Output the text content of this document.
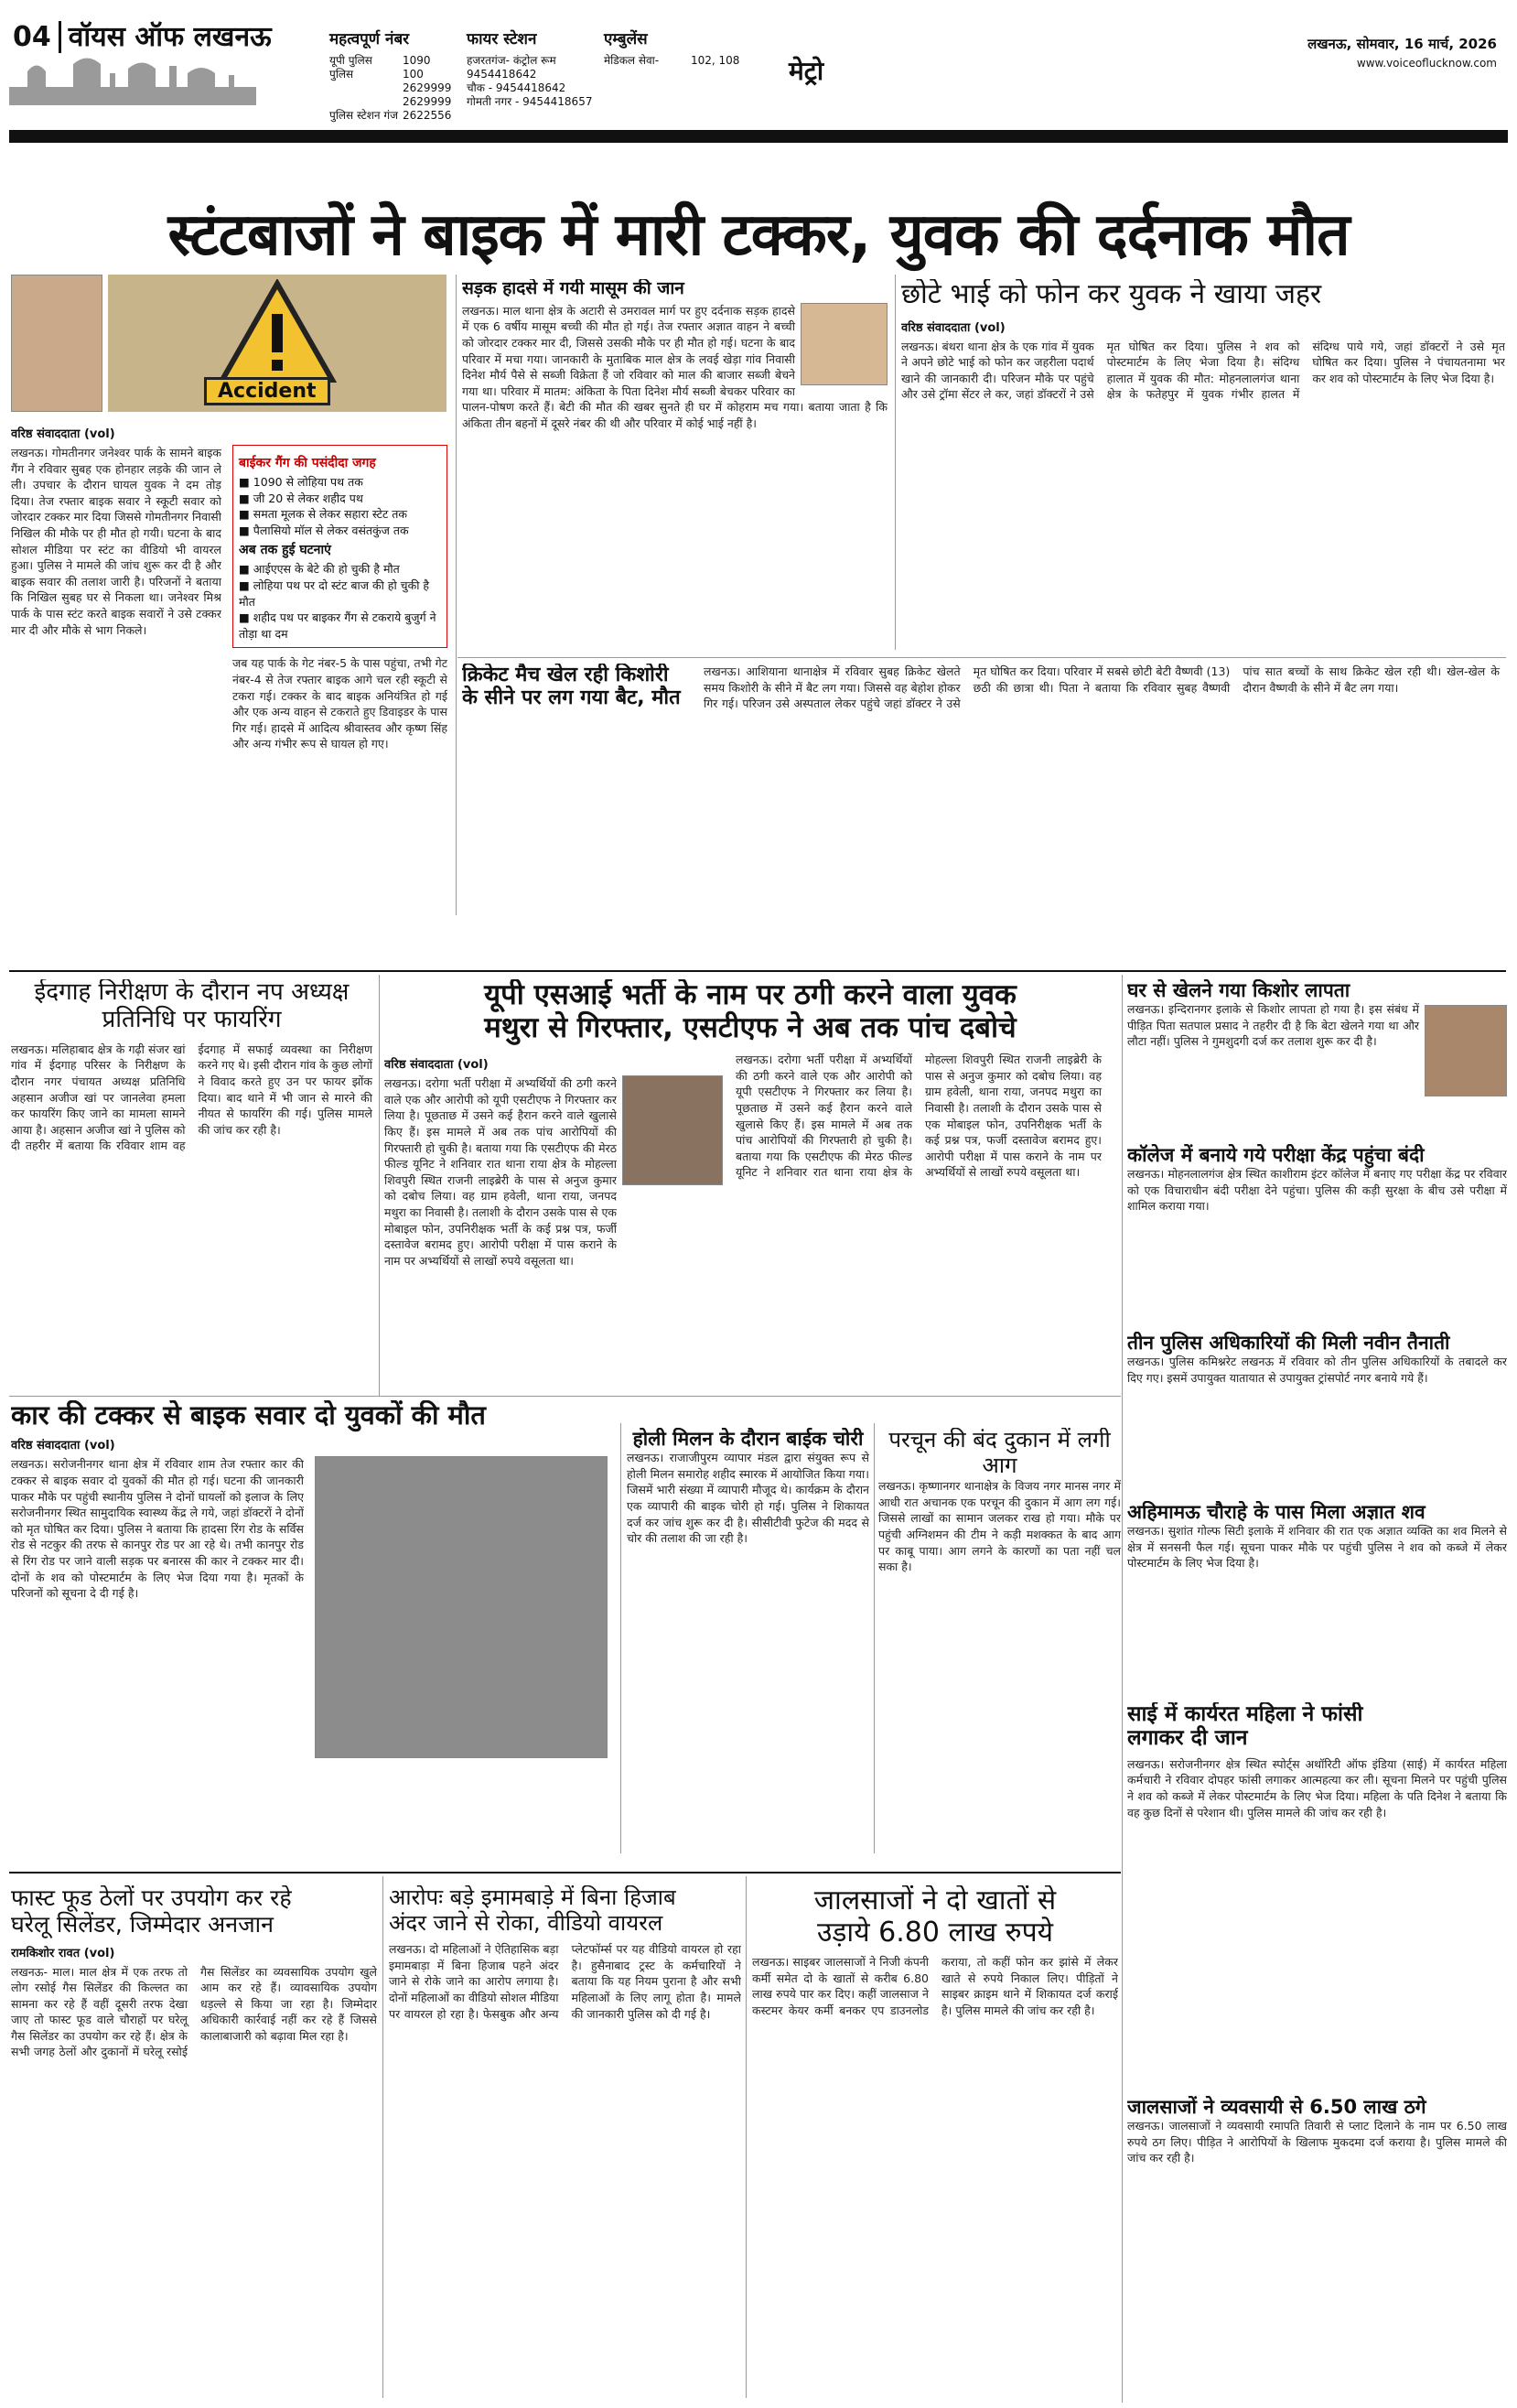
04 वॉयस ऑफ लखनऊ	महत्वपूर्ण नंबर
यूपी पुलिस	1090
पुलिस	100
2629999
2629999
पुलिस स्टेशन गंज 2622556
फायर स्टेशन
हजरतगंज- कंट्रोल रूम
9454418642
चौक - 9454418642
गोमती नगर - 9454418657
एम्बुलेंस
मेडिकल सेवा-	102, 108 मेट्रो
लखनऊ, सोमवार, 16 मार्च, 2026
www.voiceoflucknow.com
स्टंटबाजों ने बाइक में मारी टक्कर, युवक की दर्दनाक मौत
Accident
वरिष्ठ संवाददाता (vol)
लखनऊ। गोमतीनगर जनेश्वर पार्क के सामने बाइक गैंग ने रविवार सुबह एक होनहार लड़के की जान ले ली। उपचार के दौरान घायल युवक ने दम तोड़ दिया। तेज रफ्तार बाइक सवार ने स्कूटी सवार को जोरदार टक्कर मार दिया जिससे गोमतीनगर निवासी निखिल की मौके पर ही मौत हो गयी। घटना के बाद सोशल मीडिया पर स्टंट का वीडियो भी वायरल हुआ। पुलिस ने मामले की जांच शुरू कर दी है और बाइक सवार की तलाश जारी है। परिजनों ने बताया कि निखिल सुबह घर से निकला था। जनेश्वर मिश्र पार्क के पास स्टंट करते बाइक सवारों ने उसे टक्कर मार दी और मौके से भाग निकले।
बाईकर गैंग की पसंदीदा जगह
■ 1090 से लोहिया पथ तक
■ जी 20 से लेकर शहीद पथ
■ समता मूलक से लेकर सहारा स्टेट तक
■ पैलासियो मॉल से लेकर वसंतकुंज तक
अब तक हुई घटनाएं
■ आईएएस के बेटे की हो चुकी है मौत
■ लोहिया पथ पर दो स्टंट बाज की हो चुकी है मौत
■ शहीद पथ पर बाइकर गैंग से टकराये बुजुर्ग ने तोड़ा था दम
जब यह पार्क के गेट नंबर-5 के पास पहुंचा, तभी गेट नंबर-4 से तेज रफ्तार बाइक आगे चल रही स्कूटी से टकरा गई। टक्कर के बाद बाइक अनियंत्रित हो गई और एक अन्य वाहन से टकराते हुए डिवाइडर के पास गिर गई। हादसे में आदित्य श्रीवास्तव और कृष्ण सिंह और अन्य गंभीर रूप से घायल हो गए।
सड़क हादसे में गयी मासूम की जान
लखनऊ। माल थाना क्षेत्र के अटारी से उमरावल मार्ग पर हुए दर्दनाक सड़क हादसे में एक 6 वर्षीय मासूम बच्ची की मौत हो गई। तेज रफ्तार अज्ञात वाहन ने बच्ची को जोरदार टक्कर मार दी, जिससे उसकी मौके पर ही मौत हो गई। घटना के बाद परिवार में मचा गया। जानकारी के मुताबिक माल क्षेत्र के लवई खेड़ा गांव निवासी दिनेश मौर्य पैसे से सब्जी विक्रेता हैं जो रविवार को माल की बाजार सब्जी बेचने गया था। परिवार में मातम: अंकिता के पिता दिनेश मौर्य सब्जी बेचकर परिवार का पालन-पोषण करते हैं। बेटी की मौत की खबर सुनते ही घर में कोहराम मच गया। बताया जाता है कि अंकिता तीन बहनों में दूसरे नंबर की थी और परिवार में कोई भाई नहीं है।
छोटे भाई को फोन कर युवक ने खाया जहर
वरिष्ठ संवाददाता (vol)
लखनऊ। बंथरा थाना क्षेत्र के एक गांव में युवक ने अपने छोटे भाई को फोन कर जहरीला पदार्थ खाने की जानकारी दी। परिजन मौके पर पहुंचे और उसे ट्रॉमा सेंटर ले कर, जहां डॉक्टरों ने उसे मृत घोषित कर दिया। पुलिस ने शव को पोस्टमार्टम के लिए भेजा दिया है। संदिग्ध हालात में युवक की मौत: मोहनलालगंज थाना क्षेत्र के फतेहपुर में युवक गंभीर हालत में संदिग्ध पाये गये, जहां डॉक्टरों ने उसे मृत घोषित कर दिया। पुलिस ने पंचायतनामा भर कर शव को पोस्टमार्टम के लिए भेज दिया है।
क्रिकेट मैच खेल रही किशोरी के सीने पर लग गया बैट, मौत
लखनऊ। आशियाना थानाक्षेत्र में रविवार सुबह क्रिकेट खेलते समय किशोरी के सीने में बैट लग गया। जिससे वह बेहोश होकर गिर गई। परिजन उसे अस्पताल लेकर पहुंचे जहां डॉक्टर ने उसे मृत घोषित कर दिया। परिवार में सबसे छोटी बेटी वैष्णवी (13) छठी की छात्रा थी। पिता ने बताया कि रविवार सुबह वैष्णवी पांच सात बच्चों के साथ क्रिकेट खेल रही थी। खेल-खेल के दौरान वैष्णवी के सीने में बैट लग गया।
ईदगाह निरीक्षण के दौरान नप अध्यक्ष प्रतिनिधि पर फायरिंग
लखनऊ। मलिहाबाद क्षेत्र के गढ़ी संजर खां गांव में ईदगाह परिसर के निरीक्षण के दौरान नगर पंचायत अध्यक्ष प्रतिनिधि अहसान अजीज खां पर जानलेवा हमला कर फायरिंग किए जाने का मामला सामने आया है। अहसान अजीज खां ने पुलिस को दी तहरीर में बताया कि रविवार शाम वह ईदगाह में सफाई व्यवस्था का निरीक्षण करने गए थे। इसी दौरान गांव के कुछ लोगों ने विवाद करते हुए उन पर फायर झोंक दिया। बाद थाने में भी जान से मारने की नीयत से फायरिंग की गई। पुलिस मामले की जांच कर रही है।
यूपी एसआई भर्ती के नाम पर ठगी करने वाला युवक
मथुरा से गिरफ्तार, एसटीएफ ने अब तक पांच दबोचे
वरिष्ठ संवाददाता (vol)
लखनऊ। दरोगा भर्ती परीक्षा में अभ्यर्थियों की ठगी करने वाले एक और आरोपी को यूपी एसटीएफ ने गिरफ्तार कर लिया है। पूछताछ में उसने कई हैरान करने वाले खुलासे किए हैं। इस मामले में अब तक पांच आरोपियों की गिरफ्तारी हो चुकी है। बताया गया कि एसटीएफ की मेरठ फील्ड यूनिट ने शनिवार रात थाना राया क्षेत्र के मोहल्ला शिवपुरी स्थित राजनी लाइब्रेरी के पास से अनुज कुमार को दबोच लिया। वह ग्राम हवेली, थाना राया, जनपद मथुरा का निवासी है। तलाशी के दौरान उसके पास से एक मोबाइल फोन, उपनिरीक्षक भर्ती के कई प्रश्न पत्र, फर्जी दस्तावेज बरामद हुए। आरोपी परीक्षा में पास कराने के नाम पर अभ्यर्थियों से लाखों रुपये वसूलता था।
लखनऊ। दरोगा भर्ती परीक्षा में अभ्यर्थियों की ठगी करने वाले एक और आरोपी को यूपी एसटीएफ ने गिरफ्तार कर लिया है। पूछताछ में उसने कई हैरान करने वाले खुलासे किए हैं। इस मामले में अब तक पांच आरोपियों की गिरफ्तारी हो चुकी है। बताया गया कि एसटीएफ की मेरठ फील्ड यूनिट ने शनिवार रात थाना राया क्षेत्र के मोहल्ला शिवपुरी स्थित राजनी लाइब्रेरी के पास से अनुज कुमार को दबोच लिया। वह ग्राम हवेली, थाना राया, जनपद मथुरा का निवासी है। तलाशी के दौरान उसके पास से एक मोबाइल फोन, उपनिरीक्षक भर्ती के कई प्रश्न पत्र, फर्जी दस्तावेज बरामद हुए। आरोपी परीक्षा में पास कराने के नाम पर अभ्यर्थियों से लाखों रुपये वसूलता था।
घर से खेलने गया किशोर लापता
लखनऊ। इन्दिरानगर इलाके से किशोर लापता हो गया है। इस संबंध में पीड़ित पिता सतपाल प्रसाद ने तहरीर दी है कि बेटा खेलने गया था और लौटा नहीं। पुलिस ने गुमशुदगी दर्ज कर तलाश शुरू कर दी है।
कॉलेज में बनाये गये परीक्षा केंद्र पहुंचा बंदी
लखनऊ। मोहनलालगंज क्षेत्र स्थित काशीराम इंटर कॉलेज में बनाए गए परीक्षा केंद्र पर रविवार को एक विचाराधीन बंदी परीक्षा देने पहुंचा। पुलिस की कड़ी सुरक्षा के बीच उसे परीक्षा में शामिल कराया गया।
तीन पुलिस अधिकारियों की मिली नवीन तैनाती
लखनऊ। पुलिस कमिश्नरेट लखनऊ में रविवार को तीन पुलिस अधिकारियों के तबादले कर दिए गए। इसमें उपायुक्त यातायात से उपायुक्त ट्रांसपोर्ट नगर बनाये गये हैं।
अहिमामऊ चौराहे के पास मिला अज्ञात शव
लखनऊ। सुशांत गोल्फ सिटी इलाके में शनिवार की रात एक अज्ञात व्यक्ति का शव मिलने से क्षेत्र में सनसनी फैल गई। सूचना पाकर मौके पर पहुंची पुलिस ने शव को कब्जे में लेकर पोस्टमार्टम के लिए भेज दिया है।
साई में कार्यरत महिला ने फांसी
लगाकर दी जान
लखनऊ। सरोजनीनगर क्षेत्र स्थित स्पोर्ट्स अथॉरिटी ऑफ इंडिया (साई) में कार्यरत महिला कर्मचारी ने रविवार दोपहर फांसी लगाकर आत्महत्या कर ली। सूचना मिलने पर पहुंची पुलिस ने शव को कब्जे में लेकर पोस्टमार्टम के लिए भेज दिया। महिला के पति दिनेश ने बताया कि वह कुछ दिनों से परेशान थी। पुलिस मामले की जांच कर रही है।
जालसाजों ने व्यवसायी से 6.50 लाख ठगे
लखनऊ। जालसाजों ने व्यवसायी रमापति तिवारी से प्लाट दिलाने के नाम पर 6.50 लाख रुपये ठग लिए। पीड़ित ने आरोपियों के खिलाफ मुकदमा दर्ज कराया है। पुलिस मामले की जांच कर रही है।
कार की टक्कर से बाइक सवार दो युवकों की मौत
वरिष्ठ संवाददाता (vol)
लखनऊ। सरोजनीनगर थाना क्षेत्र में रविवार शाम तेज रफ्तार कार की टक्कर से बाइक सवार दो युवकों की मौत हो गई। घटना की जानकारी पाकर मौके पर पहुंची स्थानीय पुलिस ने दोनों घायलों को इलाज के लिए सरोजनीनगर स्थित सामुदायिक स्वास्थ्य केंद्र ले गये, जहां डॉक्टरों ने दोनों को मृत घोषित कर दिया। पुलिस ने बताया कि हादसा रिंग रोड के सर्विस रोड से नटकुर की तरफ से कानपुर रोड पर आ रहे थे। तभी कानपुर रोड से रिंग रोड पर जाने वाली सड़क पर बनारस की कार ने टक्कर मार दी। दोनों के शव को पोस्टमार्टम के लिए भेज दिया गया है। मृतकों के परिजनों को सूचना दे दी गई है।
होली मिलन के दौरान बाईक चोरी
लखनऊ। राजाजीपुरम व्यापार मंडल द्वारा संयुक्त रूप से होली मिलन समारोह शहीद स्मारक में आयोजित किया गया। जिसमें भारी संख्या में व्यापारी मौजूद थे। कार्यक्रम के दौरान एक व्यापारी की बाइक चोरी हो गई। पुलिस ने शिकायत दर्ज कर जांच शुरू कर दी है। सीसीटीवी फुटेज की मदद से चोर की तलाश की जा रही है।
परचून की बंद दुकान में लगी आग
लखनऊ। कृष्णानगर थानाक्षेत्र के विजय नगर मानस नगर में आधी रात अचानक एक परचून की दुकान में आग लग गई। जिससे लाखों का सामान जलकर राख हो गया। मौके पर पहुंची अग्निशमन की टीम ने कड़ी मशक्कत के बाद आग पर काबू पाया। आग लगने के कारणों का पता नहीं चल सका है।
फास्ट फूड ठेलों पर उपयोग कर रहे
घरेलू सिलेंडर, जिम्मेदार अनजान
रामकिशोर रावत (vol)
लखनऊ- माल। माल क्षेत्र में एक तरफ तो लोग रसोई गैस सिलेंडर की किल्लत का सामना कर रहे हैं वहीं दूसरी तरफ देखा जाए तो फास्ट फूड वाले चौराहों पर घरेलू गैस सिलेंडर का उपयोग कर रहे हैं। क्षेत्र के सभी जगह ठेलों और दुकानों में घरेलू रसोई गैस सिलेंडर का व्यवसायिक उपयोग खुले आम कर रहे हैं। व्यावसायिक उपयोग धड़ल्ले से किया जा रहा है। जिम्मेदार अधिकारी कार्रवाई नहीं कर रहे हैं जिससे कालाबाजारी को बढ़ावा मिल रहा है।
आरोपः बड़े इमामबाड़े में बिना हिजाब
अंदर जाने से रोका, वीडियो वायरल
लखनऊ। दो महिलाओं ने ऐतिहासिक बड़ा इमामबाड़ा में बिना हिजाब पहने अंदर जाने से रोके जाने का आरोप लगाया है। दोनों महिलाओं का वीडियो सोशल मीडिया पर वायरल हो रहा है। फेसबुक और अन्य प्लेटफॉर्म्स पर यह वीडियो वायरल हो रहा है। हुसैनाबाद ट्रस्ट के कर्मचारियों ने बताया कि यह नियम पुराना है और सभी महिलाओं के लिए लागू होता है। मामले की जानकारी पुलिस को दी गई है।
जालसाजों ने दो खातों से
उड़ाये 6.80 लाख रुपये
लखनऊ। साइबर जालसाजों ने निजी कंपनी कर्मी समेत दो के खातों से करीब 6.80 लाख रुपये पार कर दिए। कहीं जालसाज ने कस्टमर केयर कर्मी बनकर एप डाउनलोड कराया, तो कहीं फोन कर झांसे में लेकर खाते से रुपये निकाल लिए। पीड़ितों ने साइबर क्राइम थाने में शिकायत दर्ज कराई है। पुलिस मामले की जांच कर रही है।
